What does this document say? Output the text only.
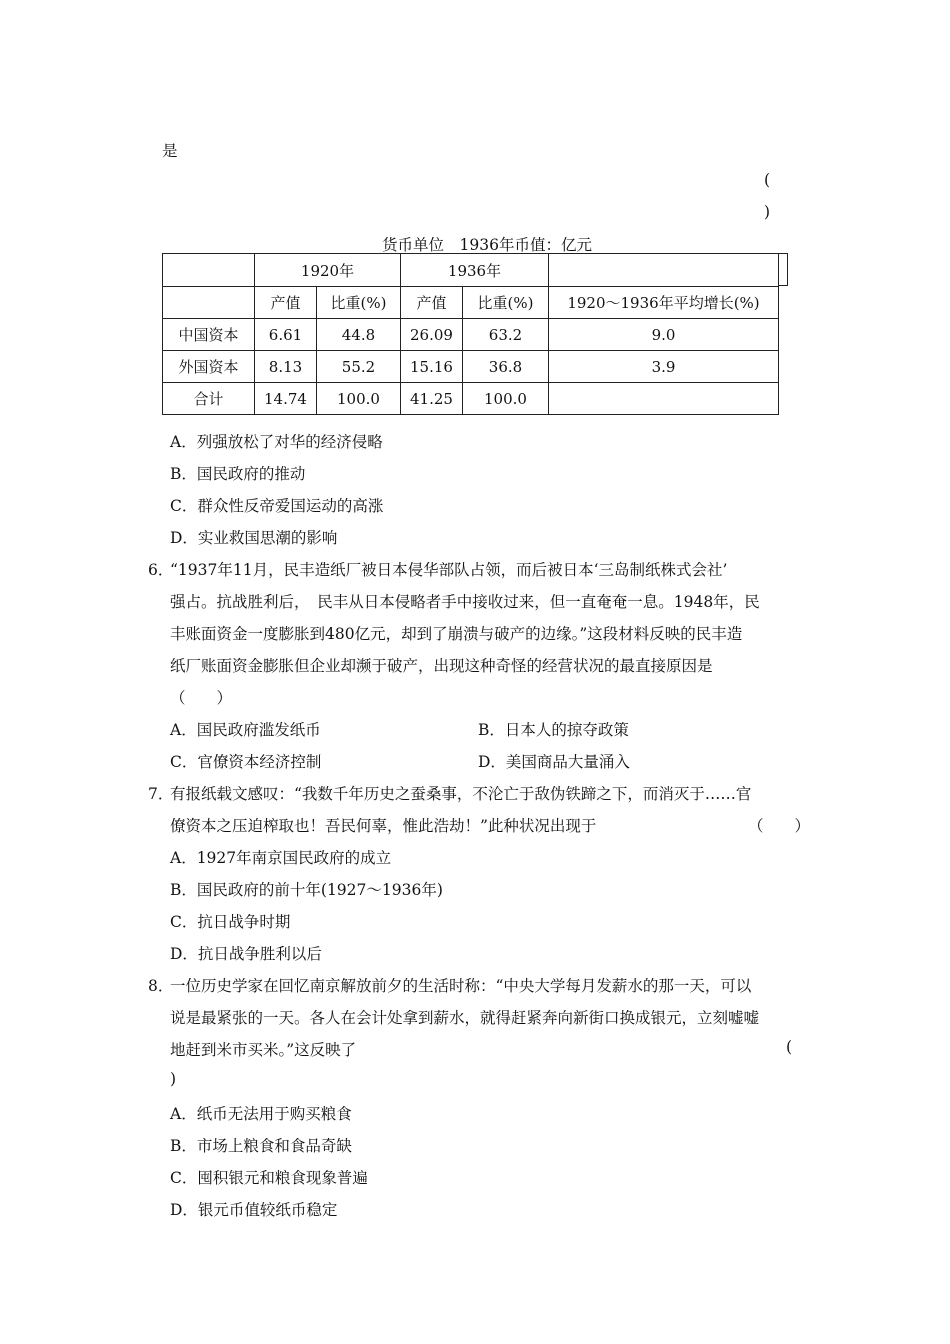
是
(
)
货币单位　1936年币值：亿元
	1920年		1936年		
	产值	比重(%)	产值	比重(%)	1920～1936年平均增长(%)
中国资本	6.61	44.8	26.09	63.2	9.0
外国资本	8.13	55.2	15.16	36.8	3.9
合计	14.74	100.0	41.25	100.0	
A．列强放松了对华的经济侵略
B．国民政府的推动
C．群众性反帝爱国运动的高涨
D．实业救国思潮的影响
6．
“1937年11月，民丰造纸厂被日本侵华部队占领，而后被日本‘三岛制纸株式会社’
强占。抗战胜利后，　民丰从日本侵略者手中接收过来，但一直奄奄一息。1948年，民
丰账面资金一度膨胀到480亿元，却到了崩溃与破产的边缘。”这段材料反映的民丰造
纸厂账面资金膨胀但企业却濒于破产，出现这种奇怪的经营状况的最直接原因是
（　　）
A．国民政府滥发纸币	B．日本人的掠夺政策
C．官僚资本经济控制	D．美国商品大量涌入
7．
有报纸载文感叹：“我数千年历史之蚕桑事，不沦亡于敌伪铁蹄之下，而消灭于……官
僚资本之压迫榨取也！吾民何辜，惟此浩劫！”此种状况出现于	（　　）
A．1927年南京国民政府的成立
B．国民政府的前十年(1927～1936年)
C．抗日战争时期
D．抗日战争胜利以后
8．
一位历史学家在回忆南京解放前夕的生活时称：“中央大学每月发薪水的那一天，可以
说是最紧张的一天。各人在会计处拿到薪水，就得赶紧奔向新街口换成银元，立刻嘘嘘
地赶到米市买米。”这反映了	(
)
A．纸币无法用于购买粮食
B．市场上粮食和食品奇缺
C．囤积银元和粮食现象普遍
D．银元币值较纸币稳定
